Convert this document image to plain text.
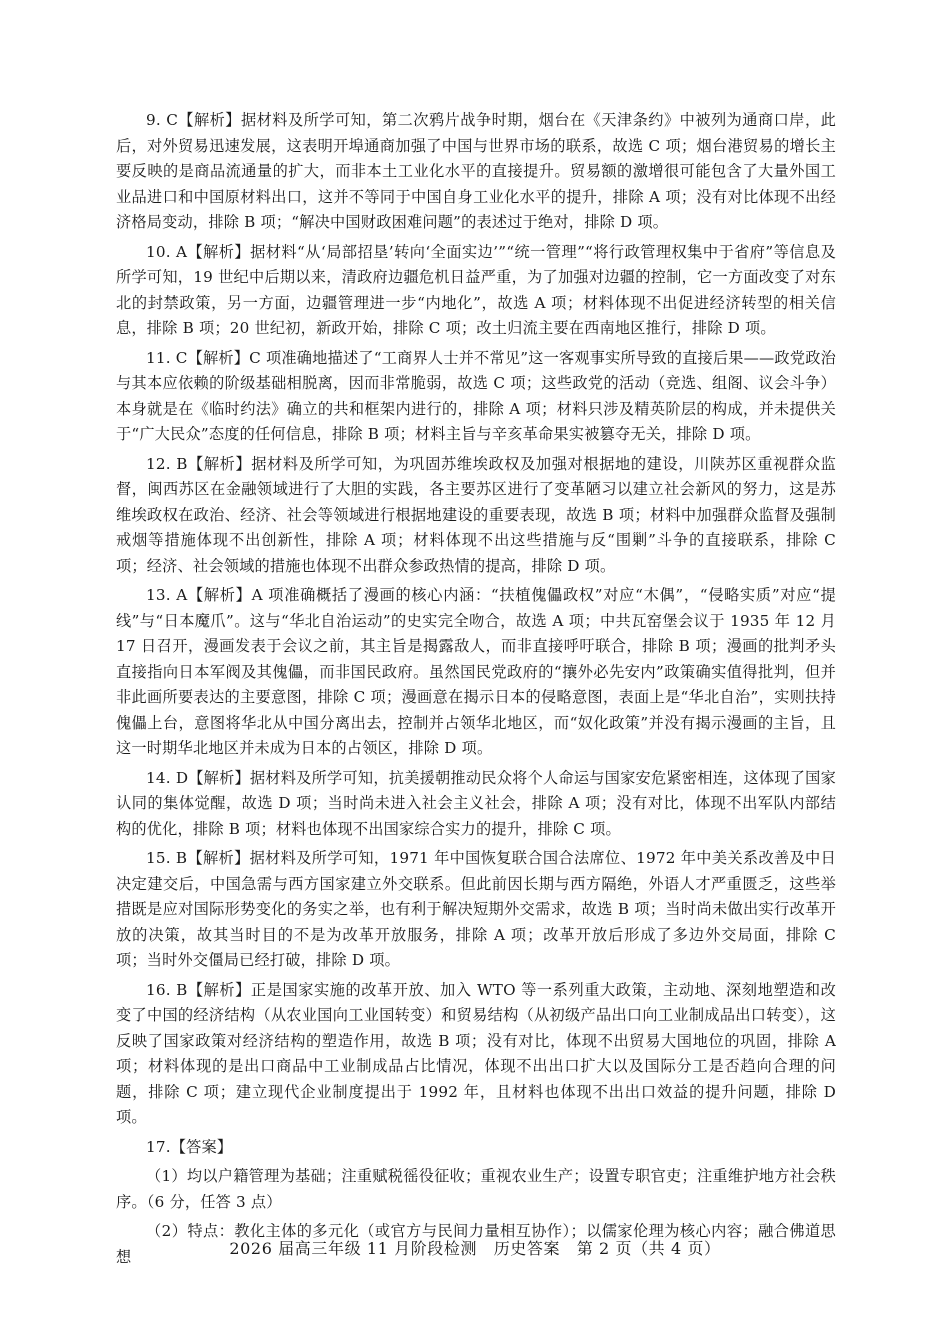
9. C【解析】据材料及所学可知，第二次鸦片战争时期，烟台在《天津条约》中被列为通商口岸，此后，对外贸易迅速发展，这表明开埠通商加强了中国与世界市场的联系，故选 C 项；烟台港贸易的增长主要反映的是商品流通量的扩大，而非本土工业化水平的直接提升。贸易额的激增很可能包含了大量外国工业品进口和中国原材料出口，这并不等同于中国自身工业化水平的提升，排除 A 项；没有对比体现不出经济格局变动，排除 B 项；“解决中国财政困难问题”的表述过于绝对，排除 D 项。

10. A【解析】据材料“从‘局部招垦’转向‘全面实边’”“统一管理”“将行政管理权集中于省府”等信息及所学可知，19 世纪中后期以来，清政府边疆危机日益严重，为了加强对边疆的控制，它一方面改变了对东北的封禁政策，另一方面，边疆管理进一步“内地化”，故选 A 项；材料体现不出促进经济转型的相关信息，排除 B 项；20 世纪初，新政开始，排除 C 项；改土归流主要在西南地区推行，排除 D 项。

11. C【解析】C 项准确地描述了“工商界人士并不常见”这一客观事实所导致的直接后果——政党政治与其本应依赖的阶级基础相脱离，因而非常脆弱，故选 C 项；这些政党的活动（竞选、组阁、议会斗争）本身就是在《临时约法》确立的共和框架内进行的，排除 A 项；材料只涉及精英阶层的构成，并未提供关于“广大民众”态度的任何信息，排除 B 项；材料主旨与辛亥革命果实被篡夺无关，排除 D 项。

12. B【解析】据材料及所学可知，为巩固苏维埃政权及加强对根据地的建设，川陕苏区重视群众监督，闽西苏区在金融领域进行了大胆的实践，各主要苏区进行了变革陋习以建立社会新风的努力，这是苏维埃政权在政治、经济、社会等领域进行根据地建设的重要表现，故选 B 项；材料中加强群众监督及强制戒烟等措施体现不出创新性，排除 A 项；材料体现不出这些措施与反“围剿”斗争的直接联系，排除 C 项；经济、社会领域的措施也体现不出群众参政热情的提高，排除 D 项。

13. A【解析】A 项准确概括了漫画的核心内涵：“扶植傀儡政权”对应“木偶”，“侵略实质”对应“提线”与“日本魔爪”。这与“华北自治运动”的史实完全吻合，故选 A 项；中共瓦窑堡会议于 1935 年 12 月 17 日召开，漫画发表于会议之前，其主旨是揭露敌人，而非直接呼吁联合，排除 B 项；漫画的批判矛头直接指向日本军阀及其傀儡，而非国民政府。虽然国民党政府的“攘外必先安内”政策确实值得批判，但并非此画所要表达的主要意图，排除 C 项；漫画意在揭示日本的侵略意图，表面上是“华北自治”，实则扶持傀儡上台，意图将华北从中国分离出去，控制并占领华北地区，而“奴化政策”并没有揭示漫画的主旨，且这一时期华北地区并未成为日本的占领区，排除 D 项。

14. D【解析】据材料及所学可知，抗美援朝推动民众将个人命运与国家安危紧密相连，这体现了国家认同的集体觉醒，故选 D 项；当时尚未进入社会主义社会，排除 A 项；没有对比，体现不出军队内部结构的优化，排除 B 项；材料也体现不出国家综合实力的提升，排除 C 项。

15. B【解析】据材料及所学可知，1971 年中国恢复联合国合法席位、1972 年中美关系改善及中日决定建交后，中国急需与西方国家建立外交联系。但此前因长期与西方隔绝，外语人才严重匮乏，这些举措既是应对国际形势变化的务实之举，也有利于解决短期外交需求，故选 B 项；当时尚未做出实行改革开放的决策，故其当时目的不是为改革开放服务，排除 A 项；改革开放后形成了多边外交局面，排除 C 项；当时外交僵局已经打破，排除 D 项。

16. B【解析】正是国家实施的改革开放、加入 WTO 等一系列重大政策，主动地、深刻地塑造和改变了中国的经济结构（从农业国向工业国转变）和贸易结构（从初级产品出口向工业制成品出口转变），这反映了国家政策对经济结构的塑造作用，故选 B 项；没有对比，体现不出贸易大国地位的巩固，排除 A 项；材料体现的是出口商品中工业制成品占比情况，体现不出出口扩大以及国际分工是否趋向合理的问题，排除 C 项；建立现代企业制度提出于 1992 年，且材料也体现不出出口效益的提升问题，排除 D 项。

17.【答案】

（1）均以户籍管理为基础；注重赋税徭役征收；重视农业生产；设置专职官吏；注重维护地方社会秩序。（6 分，任答 3 点）

（2）特点：教化主体的多元化（或官方与民间力量相互协作）；以儒家伦理为核心内容；融合佛道思想	2026 届高三年级 11 月阶段检测　历史答案　第 2 页（共 4 页）
